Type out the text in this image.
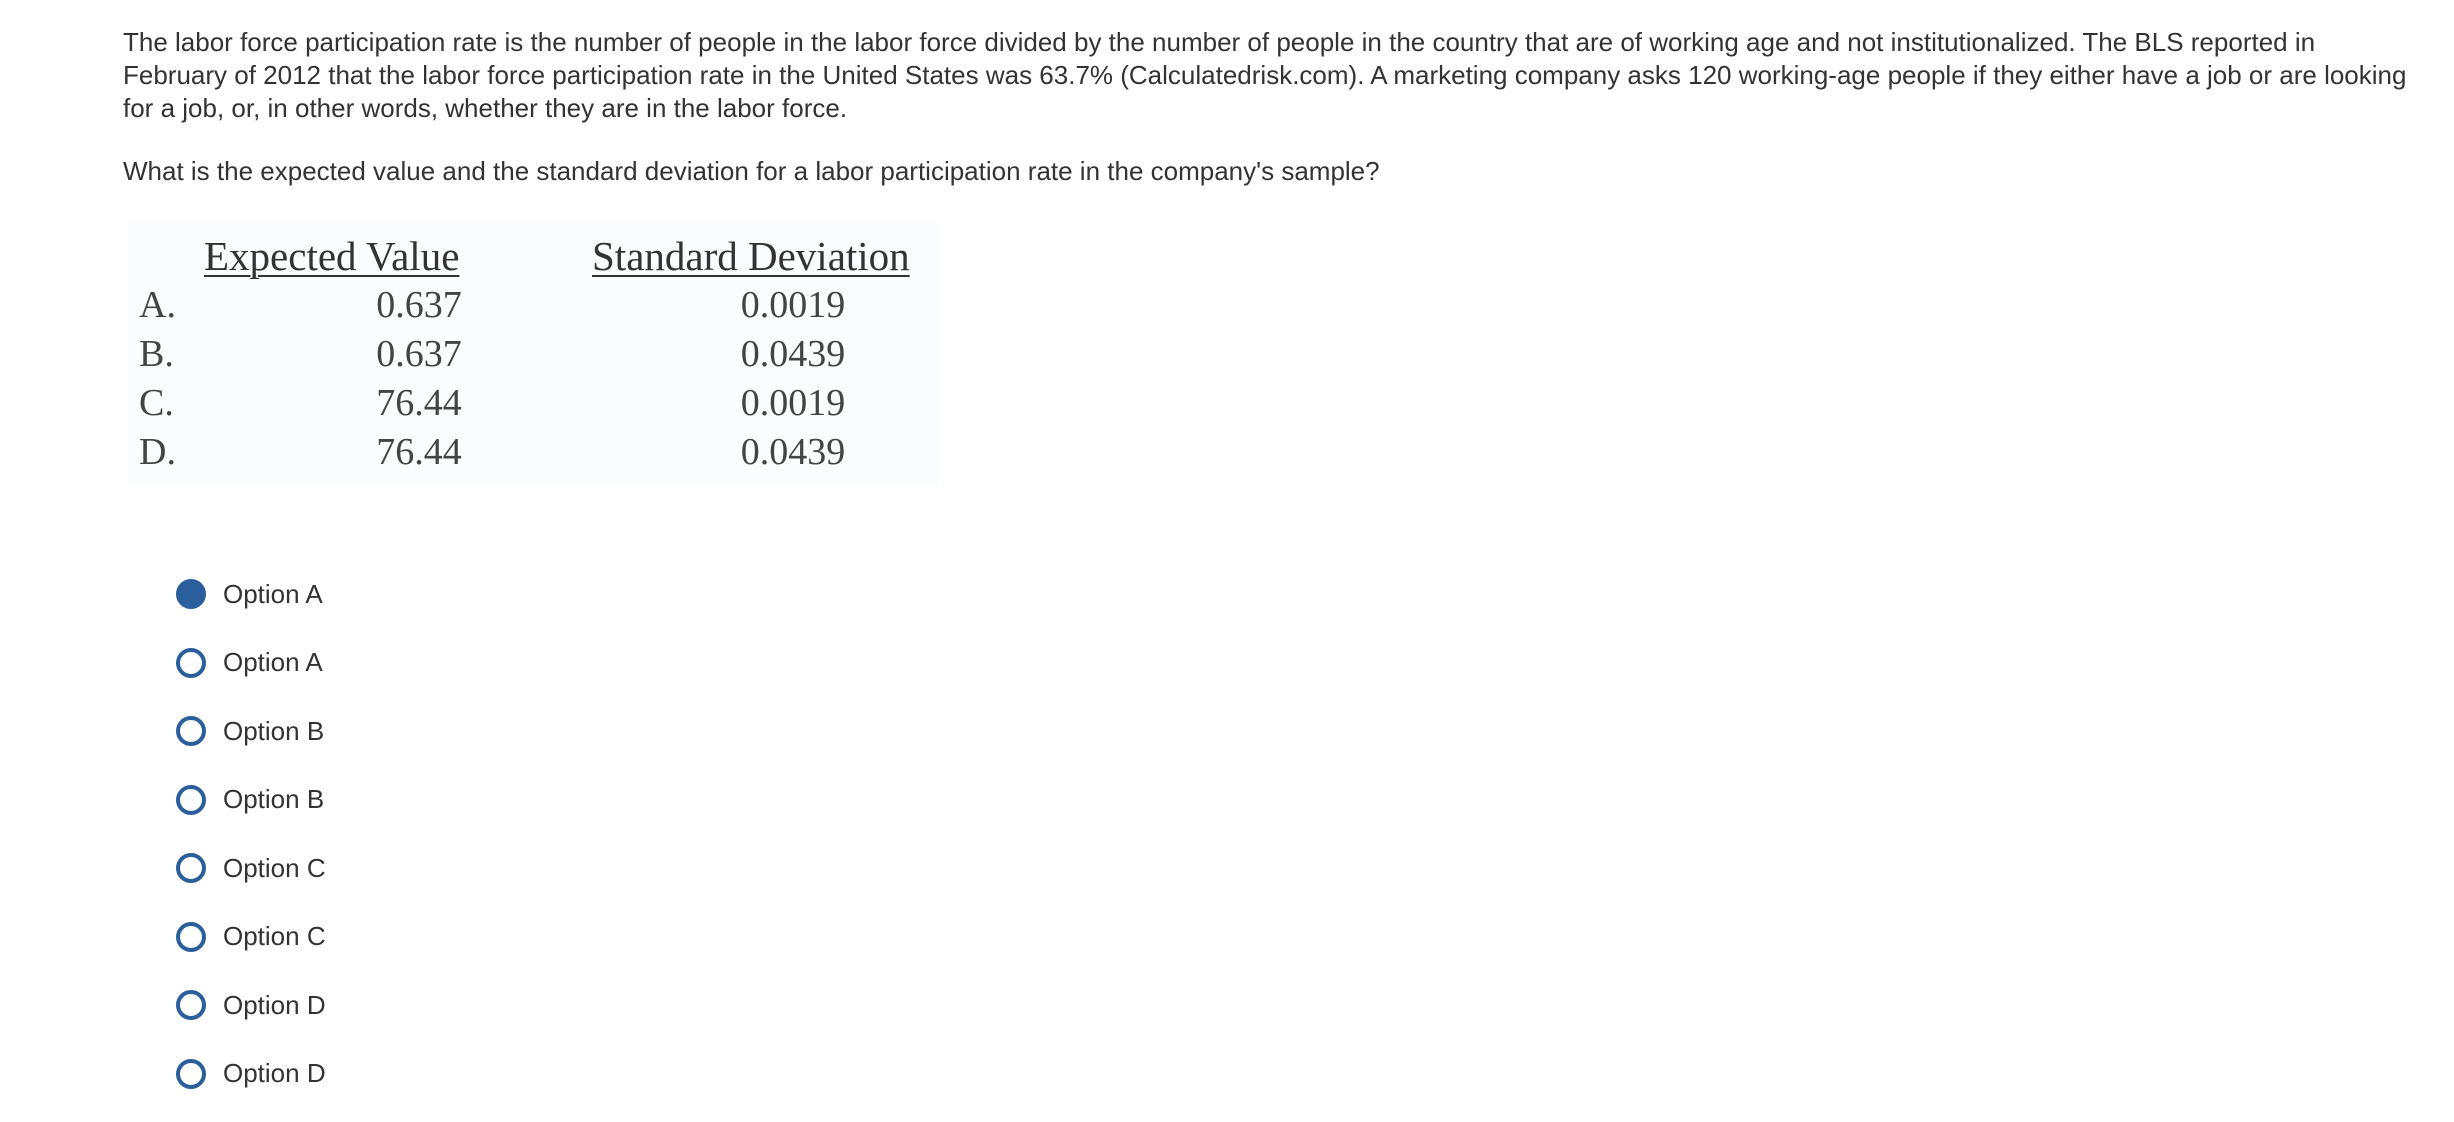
The labor force participation rate is the number of people in the labor force divided by the number of people in the country that are of working age and not institutionalized. The BLS reported in February of 2012 that the labor force participation rate in the United States was 63.7% (Calculatedrisk.com). A marketing company asks 120 working-age people if they either have a job or are looking for a job, or, in other words, whether they are in the labor force.

What is the expected value and the standard deviation for a labor participation rate in the company's sample?

Expected Value	Standard Deviation
A.	0.637	0.0019
B.	0.637	0.0439
C.	76.44	0.0019
D.	76.44	0.0439
Option A
Option A
Option B
Option B
Option C
Option C
Option D
Option D
